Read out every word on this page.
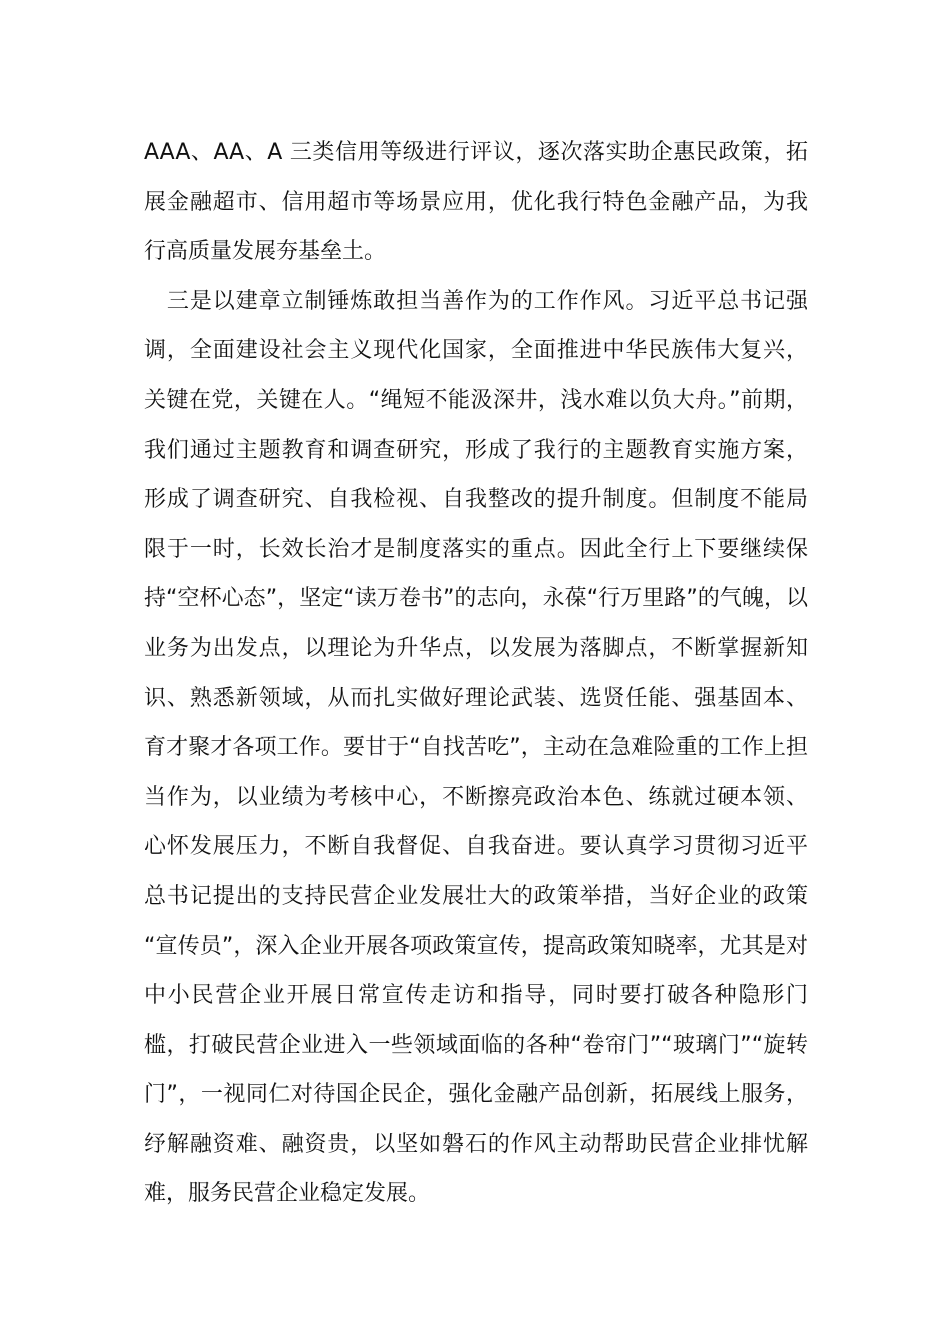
AAA、AA、A 三类信用等级进行评议，逐次落实助企惠民政策，拓
展金融超市、信用超市等场景应用，优化我行特色金融产品，为我
行高质量发展夯基垒土。
　三是以建章立制锤炼敢担当善作为的工作作风。习近平总书记强
调，全面建设社会主义现代化国家，全面推进中华民族伟大复兴，
关键在党，关键在人。“绳短不能汲深井，浅水难以负大舟。”前期，
我们通过主题教育和调查研究，形成了我行的主题教育实施方案，
形成了调查研究、自我检视、自我整改的提升制度。但制度不能局
限于一时，长效长治才是制度落实的重点。因此全行上下要继续保
持“空杯心态”，坚定“读万卷书”的志向，永葆“行万里路”的气魄，以
业务为出发点，以理论为升华点，以发展为落脚点，不断掌握新知
识、熟悉新领域，从而扎实做好理论武装、选贤任能、强基固本、
育才聚才各项工作。要甘于“自找苦吃”，主动在急难险重的工作上担
当作为，以业绩为考核中心，不断擦亮政治本色、练就过硬本领、
心怀发展压力，不断自我督促、自我奋进。要认真学习贯彻习近平
总书记提出的支持民营企业发展壮大的政策举措，当好企业的政策
“宣传员”，深入企业开展各项政策宣传，提高政策知晓率，尤其是对
中小民营企业开展日常宣传走访和指导，同时要打破各种隐形门
槛，打破民营企业进入一些领域面临的各种“卷帘门”“玻璃门”“旋转
门”，一视同仁对待国企民企，强化金融产品创新，拓展线上服务，
纾解融资难、融资贵，以坚如磐石的作风主动帮助民营企业排忧解
难，服务民营企业稳定发展。
